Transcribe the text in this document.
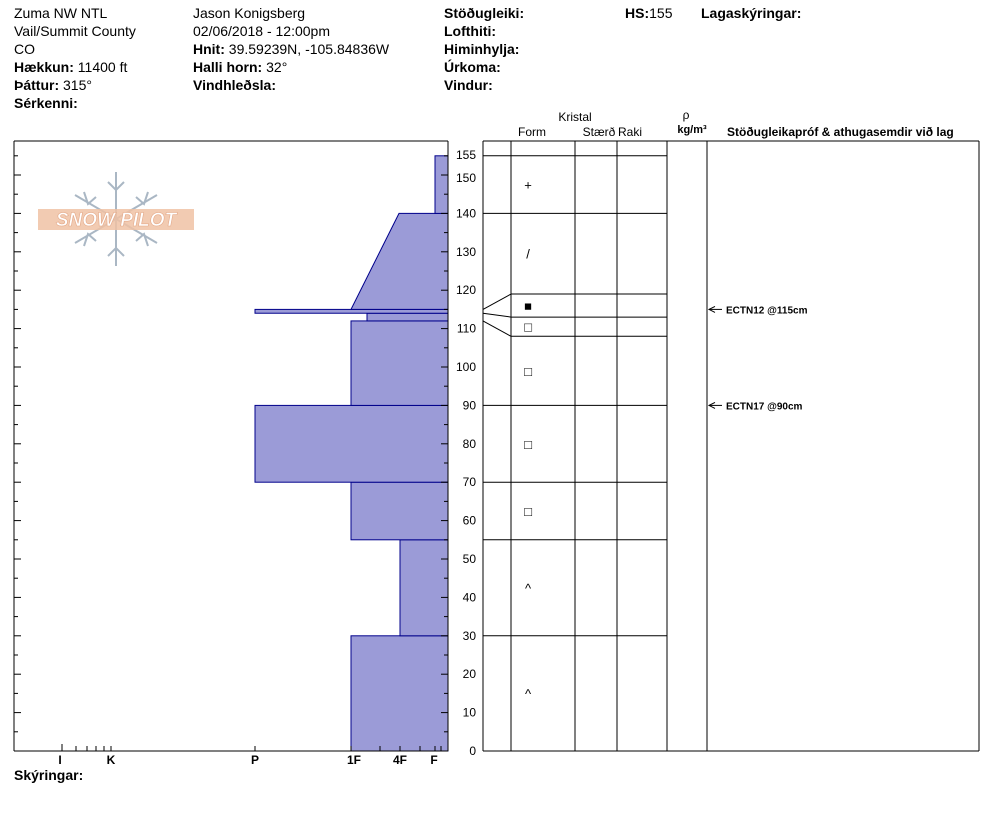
Zuma NW NTL
Vail/Summit County
CO
Hækkun: 11400 ft
Þáttur: 315°
Sérkenni:
Jason Konigsberg
02/06/2018 - 12:00pm
Hnit: 39.59239N, -105.84836W
Halli horn: 32°
Vindhleðsla:
Stöðugleiki:
Lofthiti:
Himinhylja:
Úrkoma:
Vindur:
HS:155 Lagaskýringar:
Skýringar:
SNOW PILOT
I	K	P	1F	4F F
0
10
20
30
40
50
60
70
80
90
100
110
120
130
140
150
155
^
^
□
□
□
□
■
/
+
ECTN12 @115cm
ECTN17 @90cm
Kristal
Form	Stærð Raki
ρ
kg/m³ Stöðugleikapróf & athugasemdir við lag
